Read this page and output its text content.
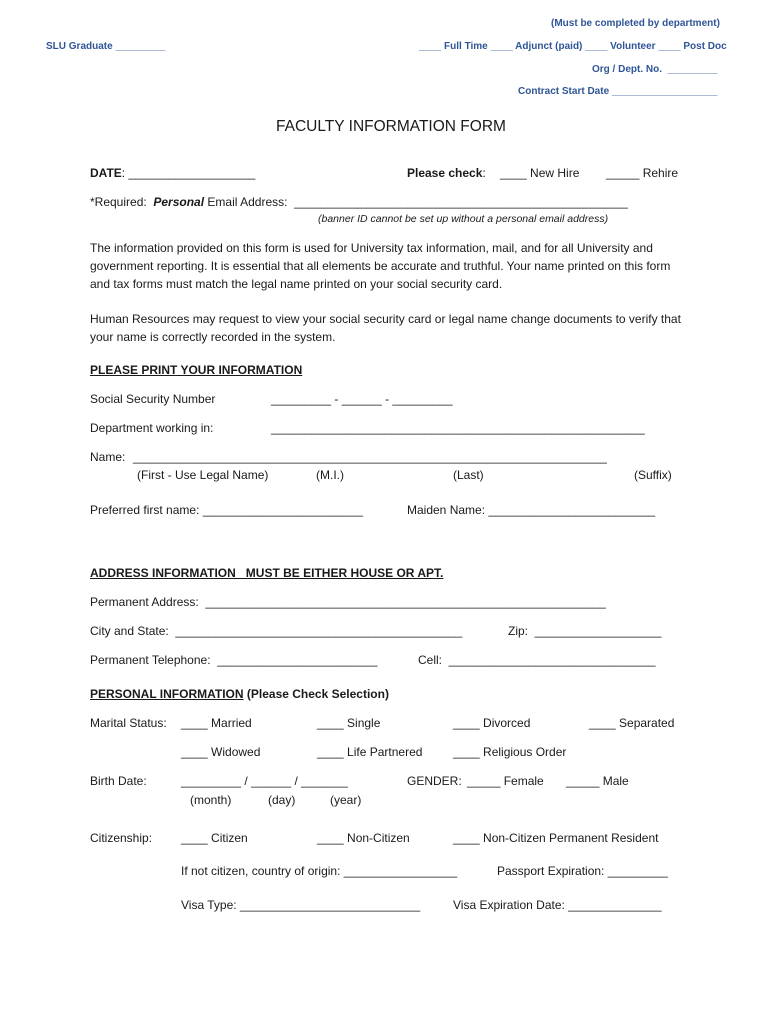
(Must be completed by department)
SLU Graduate _________	____ Full Time ____ Adjunct (paid) ____ Volunteer ____ Post Doc
Org / Dept. No.  _________
Contract Start Date ___________________
FACULTY INFORMATION FORM
DATE: ___________________	Please check: ____ New Hire _____ Rehire
*Required:  Personal Email Address:  __________________________________________________
(banner ID cannot be set up without a personal email address)
The information provided on this form is used for University tax information, mail, and for all University and government reporting. It is essential that all elements be accurate and truthful. Your name printed on this form and tax forms must match the legal name printed on your social security card.
Human Resources may request to view your social security card or legal name change documents to verify that your name is correctly recorded in the system.
PLEASE PRINT YOUR INFORMATION
Social Security Number	_________ - ______ - _________
Department working in:	________________________________________________________
Name: _______________________________________________________________________
(First - Use Legal Name)	(M.I.)	(Last)	(Suffix)
Preferred first name: ________________________	Maiden Name: _________________________
ADDRESS INFORMATION   MUST BE EITHER HOUSE OR APT.
Permanent Address:  ____________________________________________________________
City and State:  ___________________________________________	Zip:  ___________________
Permanent Telephone:  ________________________	Cell:  _______________________________
PERSONAL INFORMATION (Please Check Selection)
Marital Status: ____ Married	____ Single	____ Divorced	____ Separated
____ Widowed	____ Life Partnered	____ Religious Order
Birth Date:	_________ / ______ / _______
(month)	(day)	(year)
GENDER: _____ Female _____ Male
Citizenship: ____ Citizen	____ Non-Citizen	____ Non-Citizen Permanent Resident
If not citizen, country of origin: _________________	Passport Expiration: _________
Visa Type: ___________________________	Visa Expiration Date: ______________
